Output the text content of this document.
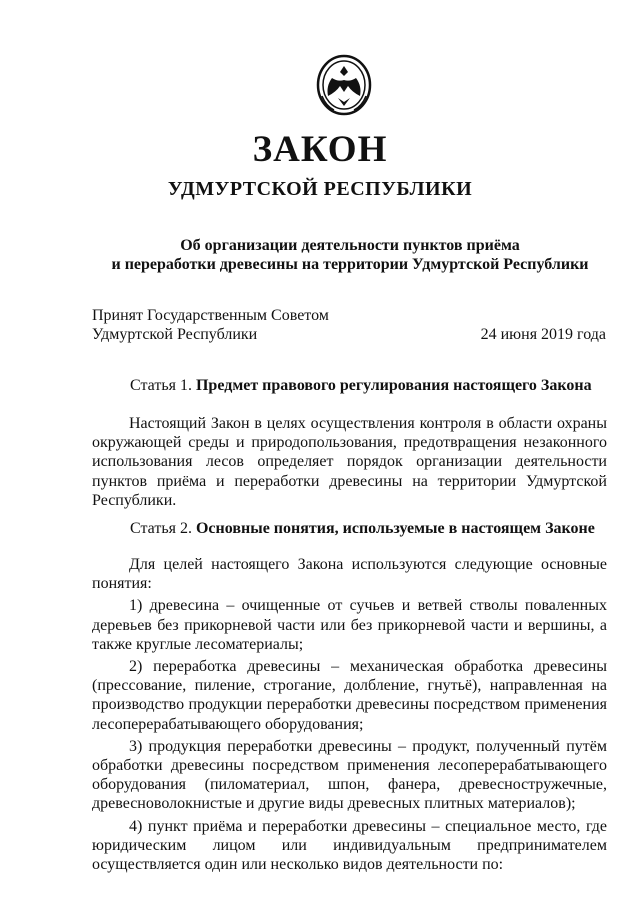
ЗАКОН
УДМУРТСКОЙ РЕСПУБЛИКИ
Об организации деятельности пунктов приёма
и переработки древесины на территории Удмуртской Республики
Принят Государственным Советом
Удмуртской Республики	24 июня 2019 года
Статья 1. Предмет правового регулирования настоящего Закона

Настоящий Закон в целях осуществления контроля в области охраны окружающей среды и природопользования, предотвращения незаконного использования лесов определяет порядок организации деятельности пунктов приёма и переработки древесины на территории Удмуртской Республики.

Статья 2. Основные понятия, используемые в настоящем Законе

Для целей настоящего Закона используются следующие основные понятия:

1) древесина – очищенные от сучьев и ветвей стволы поваленных деревьев без прикорневой части или без прикорневой части и вершины, а также круглые лесоматериалы;

2) переработка древесины – механическая обработка древесины (прессование, пиление, строгание, долбление, гнутьё), направленная на производство продукции переработки древесины посредством применения лесоперерабатывающего оборудования;

3) продукция переработки древесины – продукт, полученный путём обработки древесины посредством применения лесоперерабатывающего оборудования (пиломатериал, шпон, фанера, древесностружечные, древесноволокнистые и другие виды древесных плитных материалов);

4) пункт приёма и переработки древесины – специальное место, где юридическим лицом или индивидуальным предпринимателем осуществляется один или несколько видов деятельности по:
